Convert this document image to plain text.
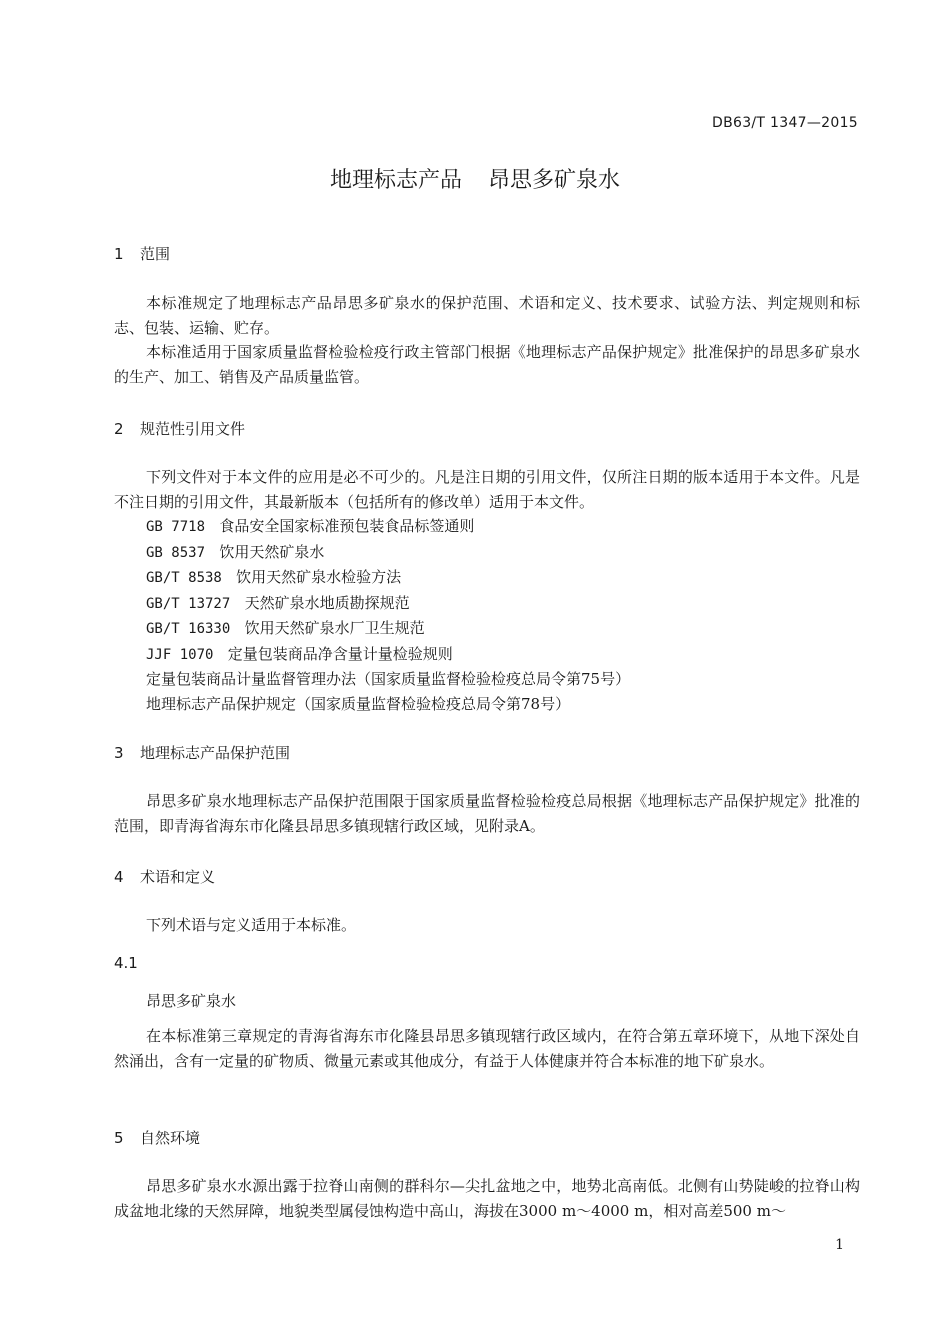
DB63/T 1347—2015
地理标志产品 昂思多矿泉水
1 范围

本标准规定了地理标志产品昂思多矿泉水的保护范围、术语和定义、技术要求、试验方法、判定规则和标志、包装、运输、贮存。

本标准适用于国家质量监督检验检疫行政主管部门根据《地理标志产品保护规定》批准保护的昂思多矿泉水的生产、加工、销售及产品质量监管。

2 规范性引用文件

下列文件对于本文件的应用是必不可少的。凡是注日期的引用文件，仅所注日期的版本适用于本文件。凡是不注日期的引用文件，其最新版本（包括所有的修改单）适用于本文件。

GB 7718 食品安全国家标准预包装食品标签通则
GB 8537 饮用天然矿泉水
GB/T 8538 饮用天然矿泉水检验方法
GB/T 13727 天然矿泉水地质勘探规范
GB/T 16330 饮用天然矿泉水厂卫生规范
JJF 1070 定量包装商品净含量计量检验规则
定量包装商品计量监督管理办法（国家质量监督检验检疫总局令第75号）
地理标志产品保护规定（国家质量监督检验检疫总局令第78号）
3 地理标志产品保护范围

昂思多矿泉水地理标志产品保护范围限于国家质量监督检验检疫总局根据《地理标志产品保护规定》批准的范围，即青海省海东市化隆县昂思多镇现辖行政区域，见附录A。

4 术语和定义

下列术语与定义适用于本标准。

4.1
昂思多矿泉水

在本标准第三章规定的青海省海东市化隆县昂思多镇现辖行政区域内，在符合第五章环境下，从地下深处自然涌出，含有一定量的矿物质、微量元素或其他成分，有益于人体健康并符合本标准的地下矿泉水。

5 自然环境

昂思多矿泉水水源出露于拉脊山南侧的群科尔—尖扎盆地之中，地势北高南低。北侧有山势陡峻的拉脊山构成盆地北缘的天然屏障，地貌类型属侵蚀构造中高山，海拔在3000 m～4000 m，相对高差500 m～

1
